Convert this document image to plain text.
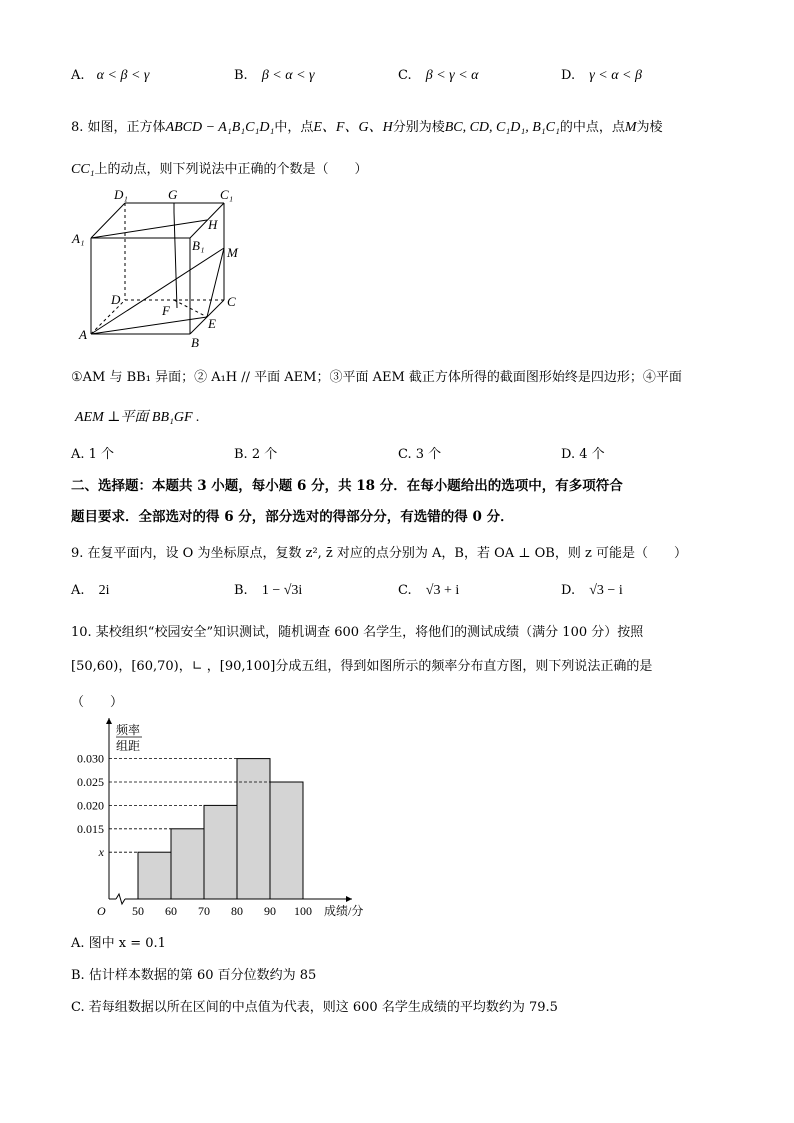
A. α < β < γ	B. β < α < γ	C. β < γ < α	D. γ < α < β
8. 如图，正方体ABCD − A₁B₁C₁D₁中，点E、F、G、H分别为棱BC, CD, C₁D₁, B₁C₁的中点，点M为棱
CC₁上的动点，则下列说法中正确的个数是（　　）
D₁	G	C₁
A₁
H
B₁ M
D	C
F
E
A
B
①AM 与 BB₁ 异面；② A₁H // 平面 AEM；③平面 AEM 截正方体所得的截面图形始终是四边形；④平面
AEM ⊥平面 BB₁GF .
A. 1 个	B. 2 个	C. 3 个	D. 4 个
二、选择题：本题共 3 小题，每小题 6 分，共 18 分．在每小题给出的选项中，有多项符合
题目要求．全部选对的得 6 分，部分选对的得部分分，有选错的得 0 分．
9. 在复平面内，设 O 为坐标原点，复数 z², z̄ 对应的点分别为 A，B，若 OA ⊥ OB，则 z 可能是（　　）
A. 2i	B. 1 − √3i	C. √3 + i	D. √3 − i
10. 某校组织“校园安全”知识测试，随机调查 600 名学生，将他们的测试成绩（满分 100 分）按照
[50,60)，[60,70)，∟ ，[90,100]分成五组，得到如图所示的频率分布直方图，则下列说法正确的是
（　　）
x
0.015
0.020
0.025
0.030
50 60 70 80 90 100
O	成绩/分
频率
组距
A. 图中 x = 0.1
B. 估计样本数据的第 60 百分位数约为 85
C. 若每组数据以所在区间的中点值为代表，则这 600 名学生成绩的平均数约为 79.5
